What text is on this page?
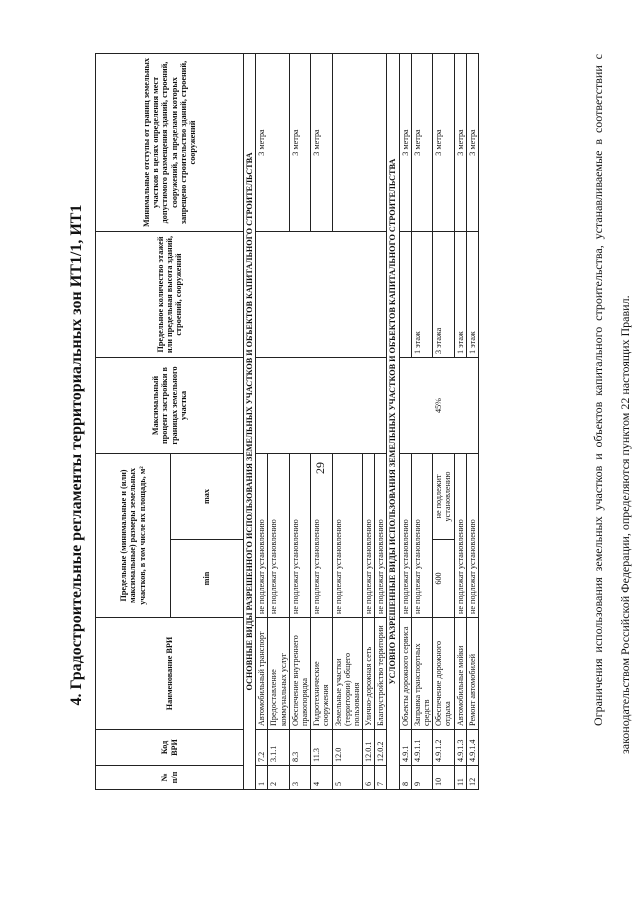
29
4. Градостроительные регламенты территориальных зон ИТ1/1, ИТ1
№ п/п	Код ВРИ	Наименование ВРИ	Предельные (минимальные и (или) максимальные) размеры земельных участков, в том числе их площадь, м²		Максимальный процент застройки в границах земельного участка	Предельное количество этажей или предельная высота зданий, строений, сооружений	Минимальные отступы от границ земельных участков в целях определения мест допустимого размещения зданий, строений, сооружений, за пределами которых запрещено строительство зданий, строений, сооружений
			min	max			
ОСНОВНЫЕ ВИДЫ РАЗРЕШЕННОГО ИСПОЛЬЗОВАНИЯ ЗЕМЕЛЬНЫХ УЧАСТКОВ И ОБЪЕКТОВ КАПИТАЛЬНОГО СТРОИТЕЛЬСТВА							
1	7.2	Автомобильный транспорт	не подлежат установлению				3 метра
2	3.1.1	Предоставление коммунальных услуг	не подлежат установлению				
3	8.3	Обеспечение внутреннего правопорядка	не подлежат установлению				3 метра
4	11.3	Гидротехнические сооружения	не подлежат установлению				3 метра
5	12.0	Земельные участки (территории) общего пользования	не подлежат установлению				
6	12.0.1	Улично-дорожная сеть	не подлежат установлению				
7	12.0.2	Благоустройство территории	не подлежат установлению				
УСЛОВНО РАЗРЕШЕННЫЕ ВИДЫ ИСПОЛЬЗОВАНИЯ ЗЕМЕЛЬНЫХ УЧАСТКОВ И ОБЪЕКТОВ КАПИТАЛЬНОГО СТРОИТЕЛЬСТВА							
8	4.9.1	Объекты дорожного сервиса	не подлежат установлению		45%		3 метра
9	4.9.1.1	Заправка транспортных средств	не подлежат установлению			1 этаж	3 метра
10	4.9.1.2	Обеспечение дорожного отдыха	600	не подлежит установлению		3 этажа	3 метра
11	4.9.1.3	Автомобильные мойки	не подлежат установлению			1 этаж	3 метра
12	4.9.1.4	Ремонт автомобилей	не подлежат установлению			1 этаж	3 метра	Ограничения использования земельных участков и объектов капитального строительства, устанавливаемые в соответствии с законодательством Российской Федерации, определяются пунктом 22 настоящих Правил.
